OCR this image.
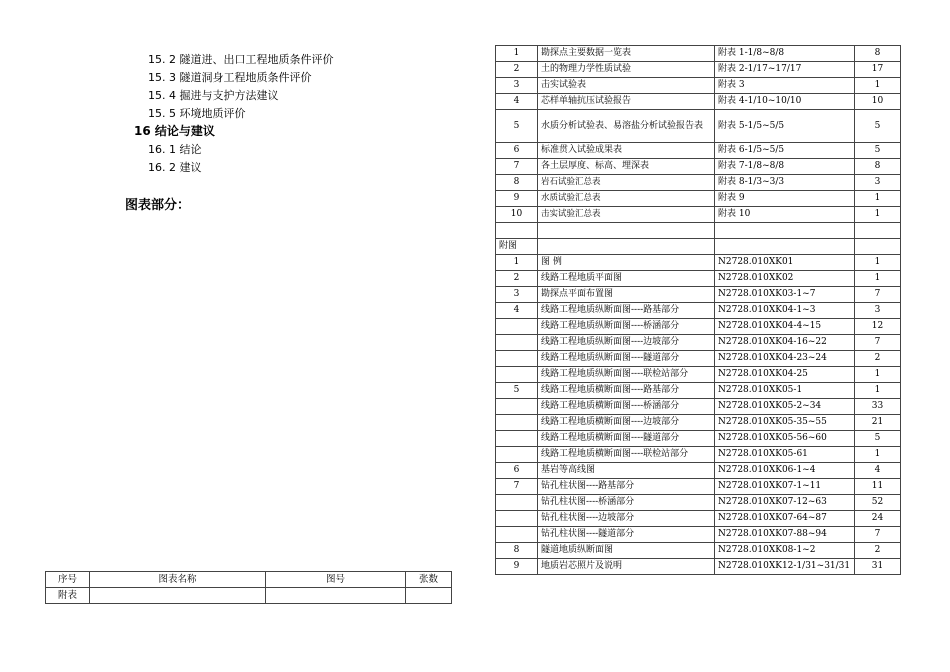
15. 2 隧道进、出口工程地质条件评价
15. 3 隧道洞身工程地质条件评价
15. 4 掘进与支护方法建议
15. 5 环境地质评价
16 结论与建议
16. 1 结论
16. 2 建议
图表部分：
序号	图表名称	图号	张数
附表			
1	勘探点主要数据一览表	附表 1-1/8~8/8	8
2	土的物理力学性质试验	附表 2-1/17~17/17	17
3	击实试验表	附表 3	1
4	芯样单轴抗压试验报告	附表 4-1/10~10/10	10
5	水质分析试验表、易溶盐分析试验报告表	附表 5-1/5~5/5	5
6	标准贯入试验成果表	附表 6-1/5~5/5	5
7	各土层厚度、标高、埋深表	附表 7-1/8~8/8	8
8	岩石试验汇总表	附表 8-1/3~3/3	3
9	水质试验汇总表	附表 9	1
10	击实试验汇总表	附表 10	1

附图			
1	图 例	N2728.010XK01	1
2	线路工程地质平面图	N2728.010XK02	1
3	勘探点平面布置图	N2728.010XK03-1~7	7
4	线路工程地质纵断面图----路基部分	N2728.010XK04-1~3	3
	线路工程地质纵断面图----桥涵部分	N2728.010XK04-4~15	12
	线路工程地质纵断面图----边坡部分	N2728.010XK04-16~22	7
	线路工程地质纵断面图----隧道部分	N2728.010XK04-23~24	2
	线路工程地质纵断面图----联检站部分	N2728.010XK04-25	1
5	线路工程地质横断面图----路基部分	N2728.010XK05-1	1
	线路工程地质横断面图----桥涵部分	N2728.010XK05-2~34	33
	线路工程地质横断面图----边坡部分	N2728.010XK05-35~55	21
	线路工程地质横断面图----隧道部分	N2728.010XK05-56~60	5
	线路工程地质横断面图----联检站部分	N2728.010XK05-61	1
6	基岩等高线图	N2728.010XK06-1~4	4
7	钻孔柱状图----路基部分	N2728.010XK07-1~11	11
	钻孔柱状图----桥涵部分	N2728.010XK07-12~63	52
	钻孔柱状图----边坡部分	N2728.010XK07-64~87	24
	钻孔柱状图----隧道部分	N2728.010XK07-88~94	7
8	隧道地质纵断面图	N2728.010XK08-1~2	2
9	地质岩芯照片及说明	N2728.010XK12-1/31~31/31	31
